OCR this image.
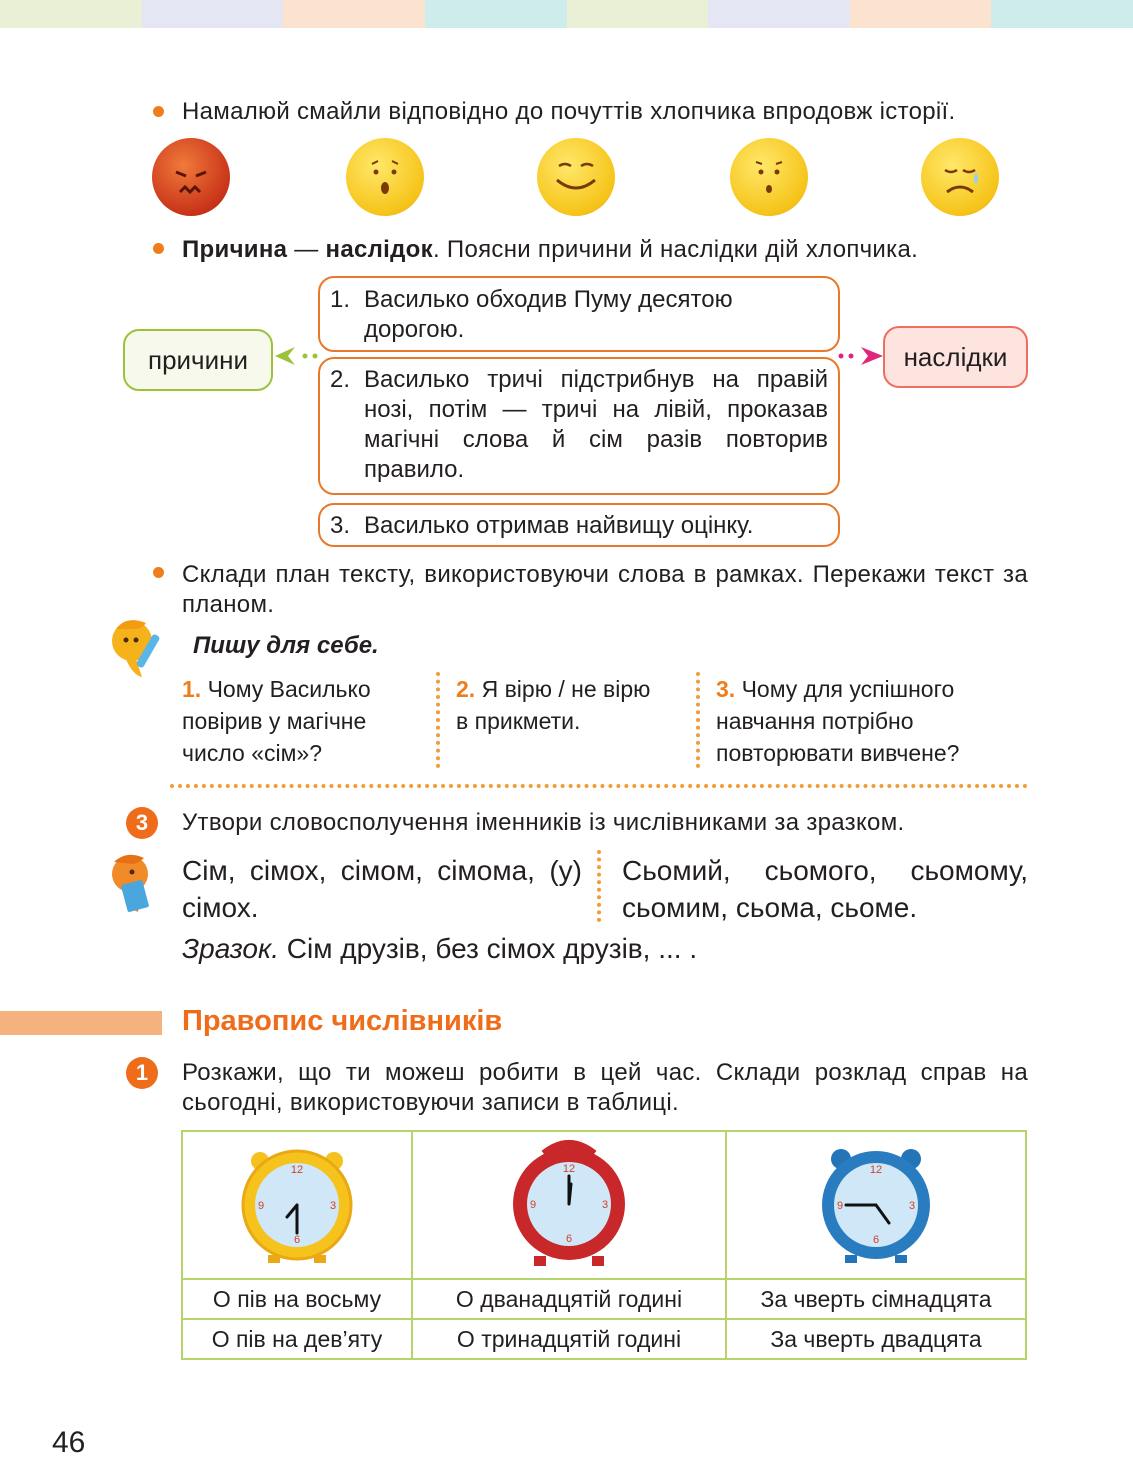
Намалюй смайли відповідно до почуттів хлопчика впродовж історії.
Причина — наслідок. Поясни причини й наслідки дій хлопчика.
причини	наслідки
1. Василько обходив Пуму десятою дорогою.
2. Василько тричі підстрибнув на правій нозі, потім — тричі на лівій, проказав магічні слова й сім разів повторив правило.
3. Василько отримав найвищу оцінку.
Склади план тексту, використовуючи слова в рамках. Перекажи текст за планом.
Пишу для себе.
1. Чому Василько повірив у магічне число «сім»?
2. Я вірю / не вірю в прикмети.
3. Чому для успішного навчання потрібно повторювати вивчене?
3	Утвори словосполучення іменників із числівниками за зразком.
Сім, сімох, сімом, сімома, (у) сімох.
Сьомий, сьомого, сьомому, сьомим, сьома, сьоме.
Зразок. Сім друзів, без сімох друзів, ... .
Правопис числівників
1	Розкажи, що ти можеш робити в цей час. Склади розклад справ на сьогодні, використовуючи записи в таблиці.
12
3
6
9	12
3
6
9	12
3
6
9

О пів на восьму	О дванадцятій годині	За чверть сімнадцята
О пів на дев’яту	О тринадцятій годині	За чверть двадцята
46
